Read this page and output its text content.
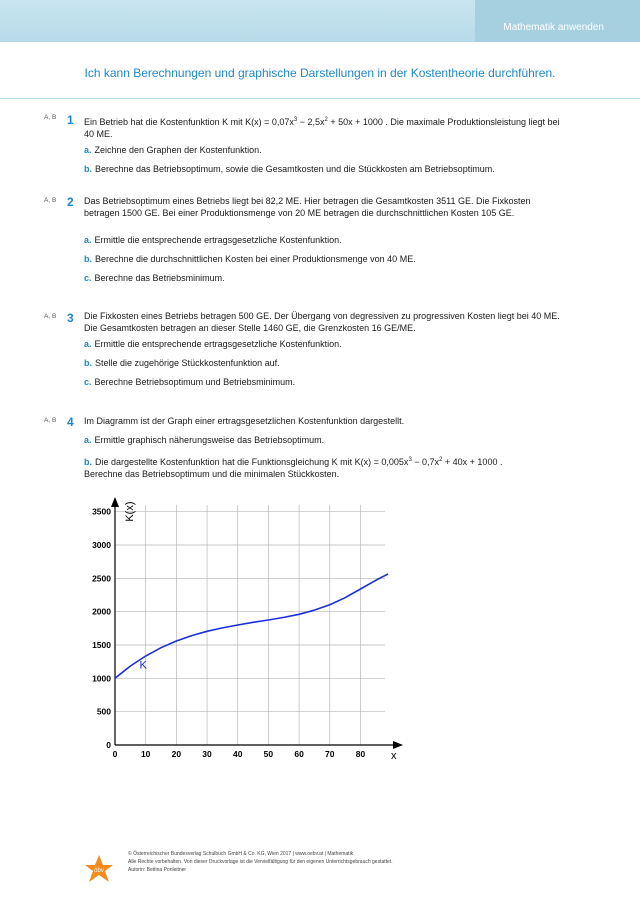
Mathematik anwenden
Ich kann Berechnungen und graphische Darstellungen in der Kostentheorie durchführen.
A, B 1 Ein Betrieb hat die Kostenfunktion K mit $K(x) = 0,07x^3 - 2,5x^2 + 50x + 1000$ . Die maximale Produktionsleistung liegt bei 40 ME.
a. Zeichne den Graphen der Kostenfunktion.
b. Berechne das Betriebsoptimum, sowie die Gesamtkosten und die Stückkosten am Betriebsoptimum.
A, B 2 Das Betriebsoptimum eines Betriebs liegt bei 82,2 ME. Hier betragen die Gesamtkosten 3511 GE. Die Fixkosten betragen 1500 GE. Bei einer Produktionsmenge von 20 ME betragen die durchschnittlichen Kosten 105 GE.
a. Ermittle die entsprechende ertragsgesetzliche Kostenfunktion.
b. Berechne die durchschnittlichen Kosten bei einer Produktionsmenge von 40 ME.
c. Berechne das Betriebsminimum.
A, B 3 Die Fixkosten eines Betriebs betragen 500 GE. Der Übergang von degressiven zu progressiven Kosten liegt bei 40 ME. Die Gesamtkosten betragen an dieser Stelle 1460 GE, die Grenzkosten 16 GE/ME.
a. Ermittle die entsprechende ertragsgesetzliche Kostenfunktion.
b. Stelle die zugehörige Stückkostenfunktion auf.
c. Berechne Betriebsoptimum und Betriebsminimum.
A, B 4 Im Diagramm ist der Graph einer ertragsgesetzlichen Kostenfunktion dargestellt.
a. Ermittle graphisch näherungsweise das Betriebsoptimum.
b. Die dargestellte Kostenfunktion hat die Funktionsgleichung K mit $K(x) = 0,005x^3 - 0,7x^2 + 40x + 1000$ .
Berechne das Betriebsoptimum und die minimalen Stückkosten.
0	10 20 30 40 50 60 70 80
0
500
1000
1500
2000
2500
3000
3500
x
K(x)
K
öbv
© Österreichischer Bundesverlag Schulbuch GmbH & Co. KG, Wien 2017 | www.oebv.at | Mathematik
Alle Rechte vorbehalten. Von dieser Druckvorlage ist die Vervielfältigung für den eigenen Unterrichtsgebrauch gestattet.
Autorin: Bettina Ponleitner
